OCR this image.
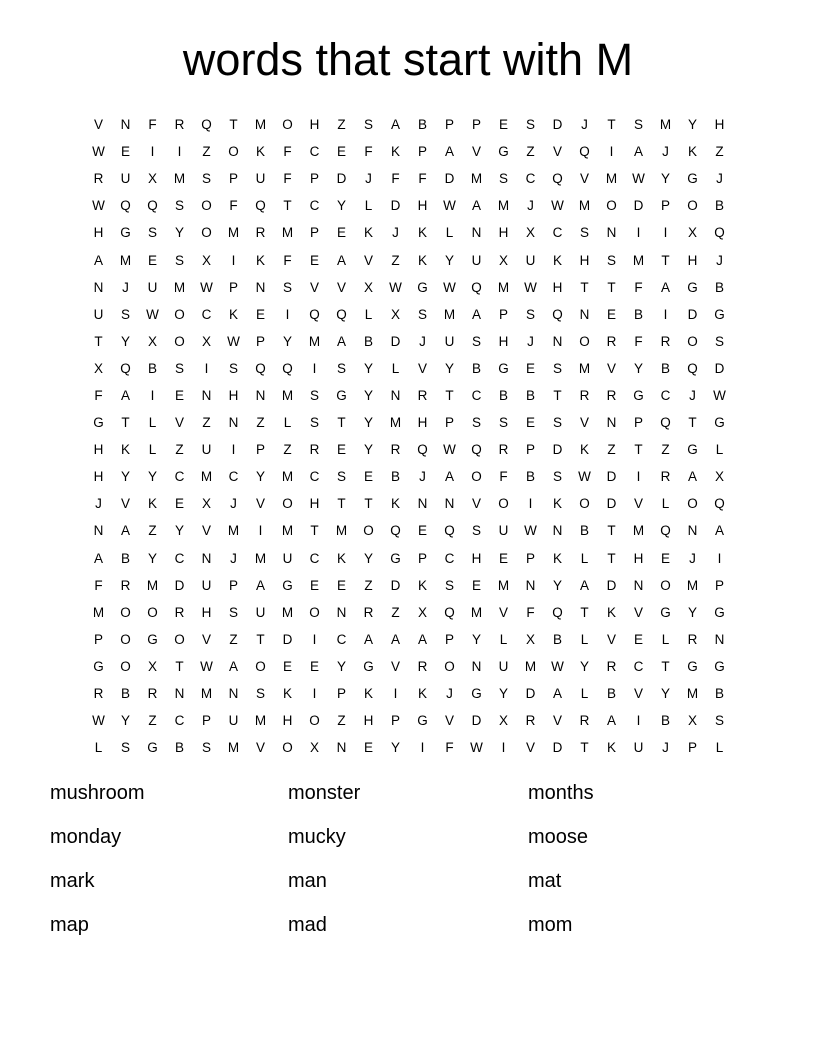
words that start with M
V	N	F	R	Q	T	M	O	H	Z	S	A	B	P	P	E	S	D	J	T	S	M	Y	H
W	E	I	I	Z	O	K	F	C	E	F	K	P	A	V	G	Z	V	Q	I	A	J	K	Z
R	U	X	M	S	P	U	F	P	D	J	F	F	D	M	S	C	Q	V	M	W	Y	G	J
W	Q	Q	S	O	F	Q	T	C	Y	L	D	H	W	A	M	J	W	M	O	D	P	O	B
H	G	S	Y	O	M	R	M	P	E	K	J	K	L	N	H	X	C	S	N	I	I	X	Q
A	M	E	S	X	I	K	F	E	A	V	Z	K	Y	U	X	U	K	H	S	M	T	H	J
N	J	U	M	W	P	N	S	V	V	X	W	G	W	Q	M	W	H	T	T	F	A	G	B
U	S	W	O	C	K	E	I	Q	Q	L	X	S	M	A	P	S	Q	N	E	B	I	D	G
T	Y	X	O	X	W	P	Y	M	A	B	D	J	U	S	H	J	N	O	R	F	R	O	S
X	Q	B	S	I	S	Q	Q	I	S	Y	L	V	Y	B	G	E	S	M	V	Y	B	Q	D
F	A	I	E	N	H	N	M	S	G	Y	N	R	T	C	B	B	T	R	R	G	C	J	W
G	T	L	V	Z	N	Z	L	S	T	Y	M	H	P	S	S	E	S	V	N	P	Q	T	G
H	K	L	Z	U	I	P	Z	R	E	Y	R	Q	W	Q	R	P	D	K	Z	T	Z	G	L
H	Y	Y	C	M	C	Y	M	C	S	E	B	J	A	O	F	B	S	W	D	I	R	A	X
J	V	K	E	X	J	V	O	H	T	T	K	N	N	V	O	I	K	O	D	V	L	O	Q
N	A	Z	Y	V	M	I	M	T	M	O	Q	E	Q	S	U	W	N	B	T	M	Q	N	A
A	B	Y	C	N	J	M	U	C	K	Y	G	P	C	H	E	P	K	L	T	H	E	J	I
F	R	M	D	U	P	A	G	E	E	Z	D	K	S	E	M	N	Y	A	D	N	O	M	P
M	O	O	R	H	S	U	M	O	N	R	Z	X	Q	M	V	F	Q	T	K	V	G	Y	G
P	O	G	O	V	Z	T	D	I	C	A	A	A	P	Y	L	X	B	L	V	E	L	R	N
G	O	X	T	W	A	O	E	E	Y	G	V	R	O	N	U	M	W	Y	R	C	T	G	G
R	B	R	N	M	N	S	K	I	P	K	I	K	J	G	Y	D	A	L	B	V	Y	M	B
W	Y	Z	C	P	U	M	H	O	Z	H	P	G	V	D	X	R	V	R	A	I	B	X	S
L	S	G	B	S	M	V	O	X	N	E	Y	I	F	W	I	V	D	T	K	U	J	P	L
mushroom	monster	months
monday	mucky	moose
mark	man	mat
map	mad	mom
